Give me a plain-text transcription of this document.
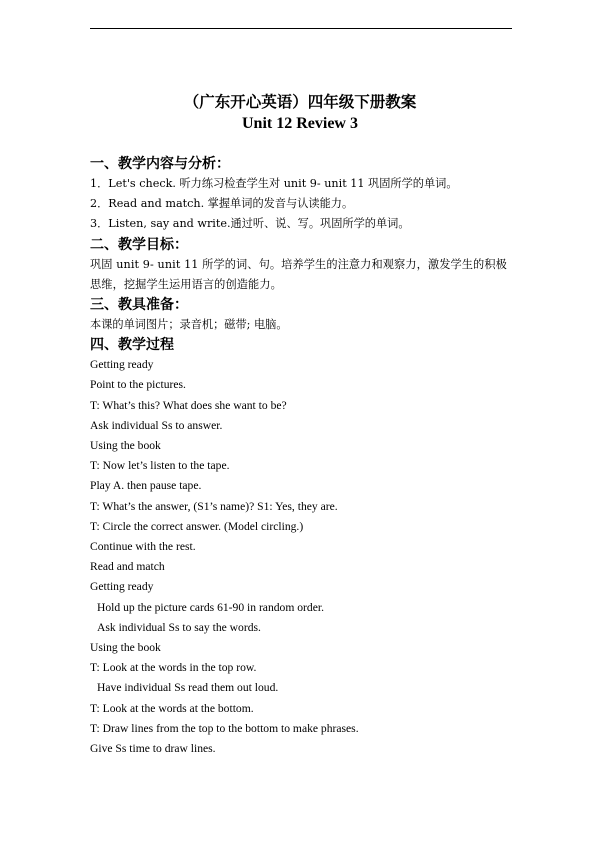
（广东开心英语）四年级下册教案
Unit 12 Review 3
一、教学内容与分析：
1．Let's check. 听力练习检查学生对 unit 9- unit 11 巩固所学的单词。
2．Read and match. 掌握单词的发音与认读能力。
3．Listen, say and write.通过听、说、写。巩固所学的单词。
二、教学目标：
巩固 unit 9- unit 11 所学的词、句。培养学生的注意力和观察力，激发学生的积极思维，挖掘学生运用语言的创造能力。
三、教具准备：
本课的单词图片；录音机；磁带; 电脑。
四、教学过程
Getting ready
Point to the pictures.
T: What’s this? What does she want to be?
Ask individual Ss to answer.
Using the book
T: Now let’s listen to the tape.
Play A. then pause tape.
T: What’s the answer, (S1’s name)? S1: Yes, they are.
T: Circle the correct answer. (Model circling.)
Continue with the rest.
Read and match
Getting ready
Hold up the picture cards 61-90 in random order.
Ask individual Ss to say the words.
Using the book
T: Look at the words in the top row.
Have individual Ss read them out loud.
T: Look at the words at the bottom.
T: Draw lines from the top to the bottom to make phrases.
Give Ss time to draw lines.
